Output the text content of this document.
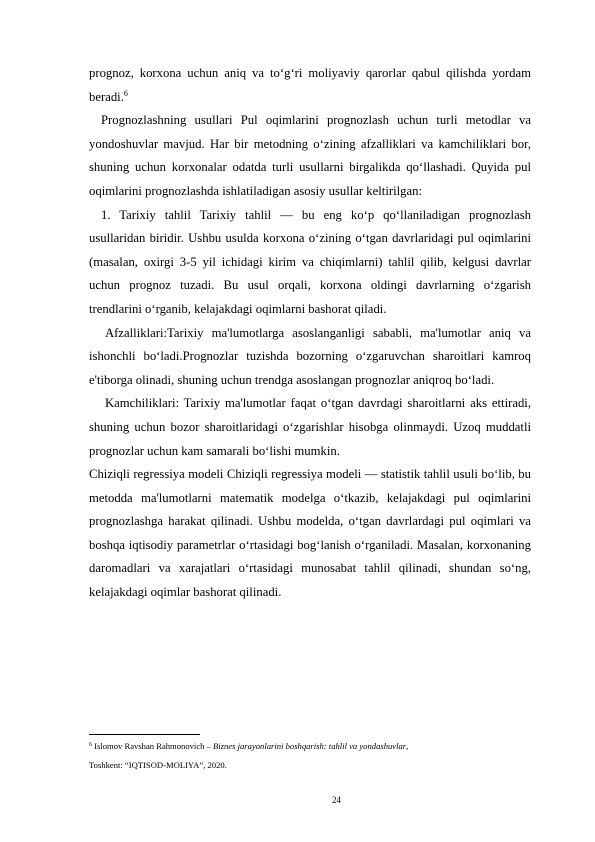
prognoz, korxona uchun aniq va to‘g‘ri moliyaviy qarorlar qabul qilishda yordam beradi.$^6$

Prognozlashning usullari Pul oqimlarini prognozlash uchun turli metodlar va yondoshuvlar mavjud. Har bir metodning o‘zining afzalliklari va kamchiliklari bor, shuning uchun korxonalar odatda turli usullarni birgalikda qo‘llashadi. Quyida pul oqimlarini prognozlashda ishlatiladigan asosiy usullar keltirilgan:

1. Tarixiy tahlil Tarixiy tahlil — bu eng ko‘p qo‘llaniladigan prognozlash usullaridan biridir. Ushbu usulda korxona o‘zining o‘tgan davrlaridagi pul oqimlarini (masalan, oxirgi 3-5 yil ichidagi kirim va chiqimlarni) tahlil qilib, kelgusi davrlar uchun prognoz tuzadi. Bu usul orqali, korxona oldingi davrlarning o‘zgarish trendlarini o‘rganib, kelajakdagi oqimlarni bashorat qiladi.

Afzalliklari:Tarixiy ma'lumotlarga asoslanganligi sababli, ma'lumotlar aniq va ishonchli bo‘ladi.Prognozlar tuzishda bozorning o‘zgaruvchan sharoitlari kamroq e'tiborga olinadi, shuning uchun trendga asoslangan prognozlar aniqroq bo‘ladi.

Kamchiliklari: Tarixiy ma'lumotlar faqat o‘tgan davrdagi sharoitlarni aks ettiradi, shuning uchun bozor sharoitlaridagi o‘zgarishlar hisobga olinmaydi. Uzoq muddatli prognozlar uchun kam samarali bo‘lishi mumkin.

Chiziqli regressiya modeli Chiziqli regressiya modeli — statistik tahlil usuli bo‘lib, bu metodda ma'lumotlarni matematik modelga o‘tkazib, kelajakdagi pul oqimlarini prognozlashga harakat qilinadi. Ushbu modelda, o‘tgan davrlardagi pul oqimlari va boshqa iqtisodiy parametrlar o‘rtasidagi bog‘lanish o‘rganiladi. Masalan, korxonaning daromadlari va xarajatlari o‘rtasidagi munosabat tahlil qilinadi, shundan so‘ng, kelajakdagi oqimlar bashorat qilinadi.

$^6$ Islomov Ravshan Rahmonovich – Biznes jarayonlarini boshqarish: tahlil va yondashuvlar,
Toshkent: “IQTISOD-MOLIYA”, 2020.
24
